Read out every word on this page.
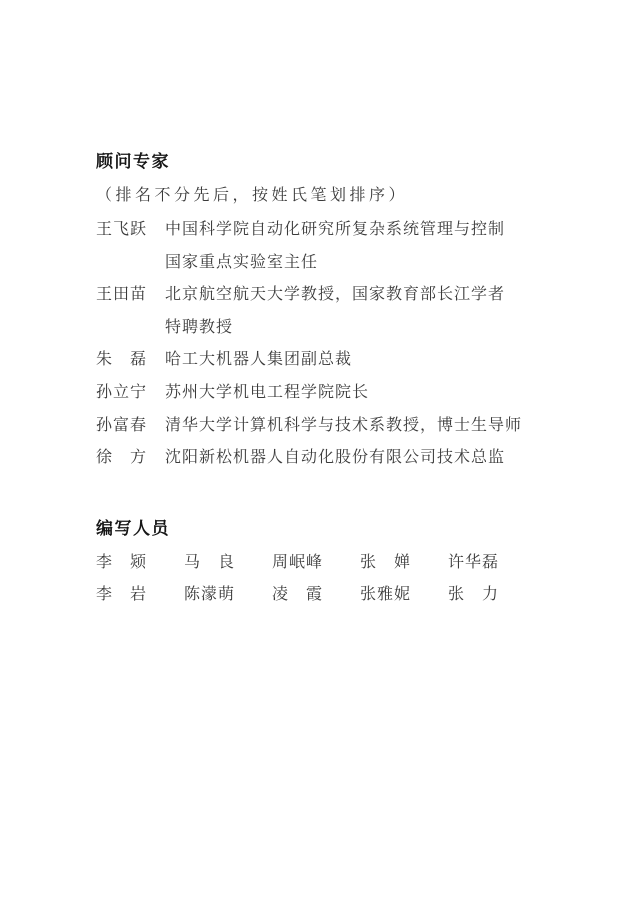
顾问专家
（排名不分先后，按姓氏笔划排序）
王飞跃 中国科学院自动化研究所复杂系统管理与控制
国家重点实验室主任
王田苗 北京航空航天大学教授，国家教育部长江学者
特聘教授
朱磊 哈工大机器人集团副总裁
孙立宁 苏州大学机电工程学院院长
孙富春 清华大学计算机科学与技术系教授，博士生导师
徐方 沈阳新松机器人自动化股份有限公司技术总监
编写人员
李颎 马良 周岷峰 张婵 许华磊
李岩 陈濛萌 凌霞 张雅妮 张力
